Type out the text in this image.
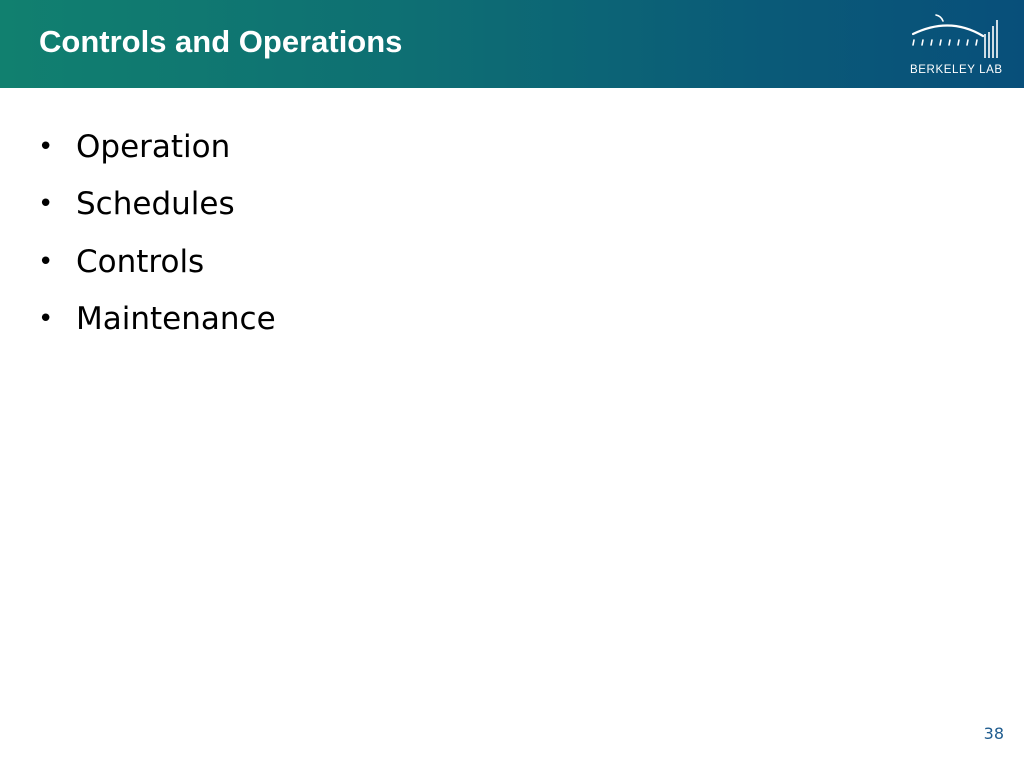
Controls and Operations
BERKELEY LAB
• Operation
• Schedules
• Controls
• Maintenance
38
